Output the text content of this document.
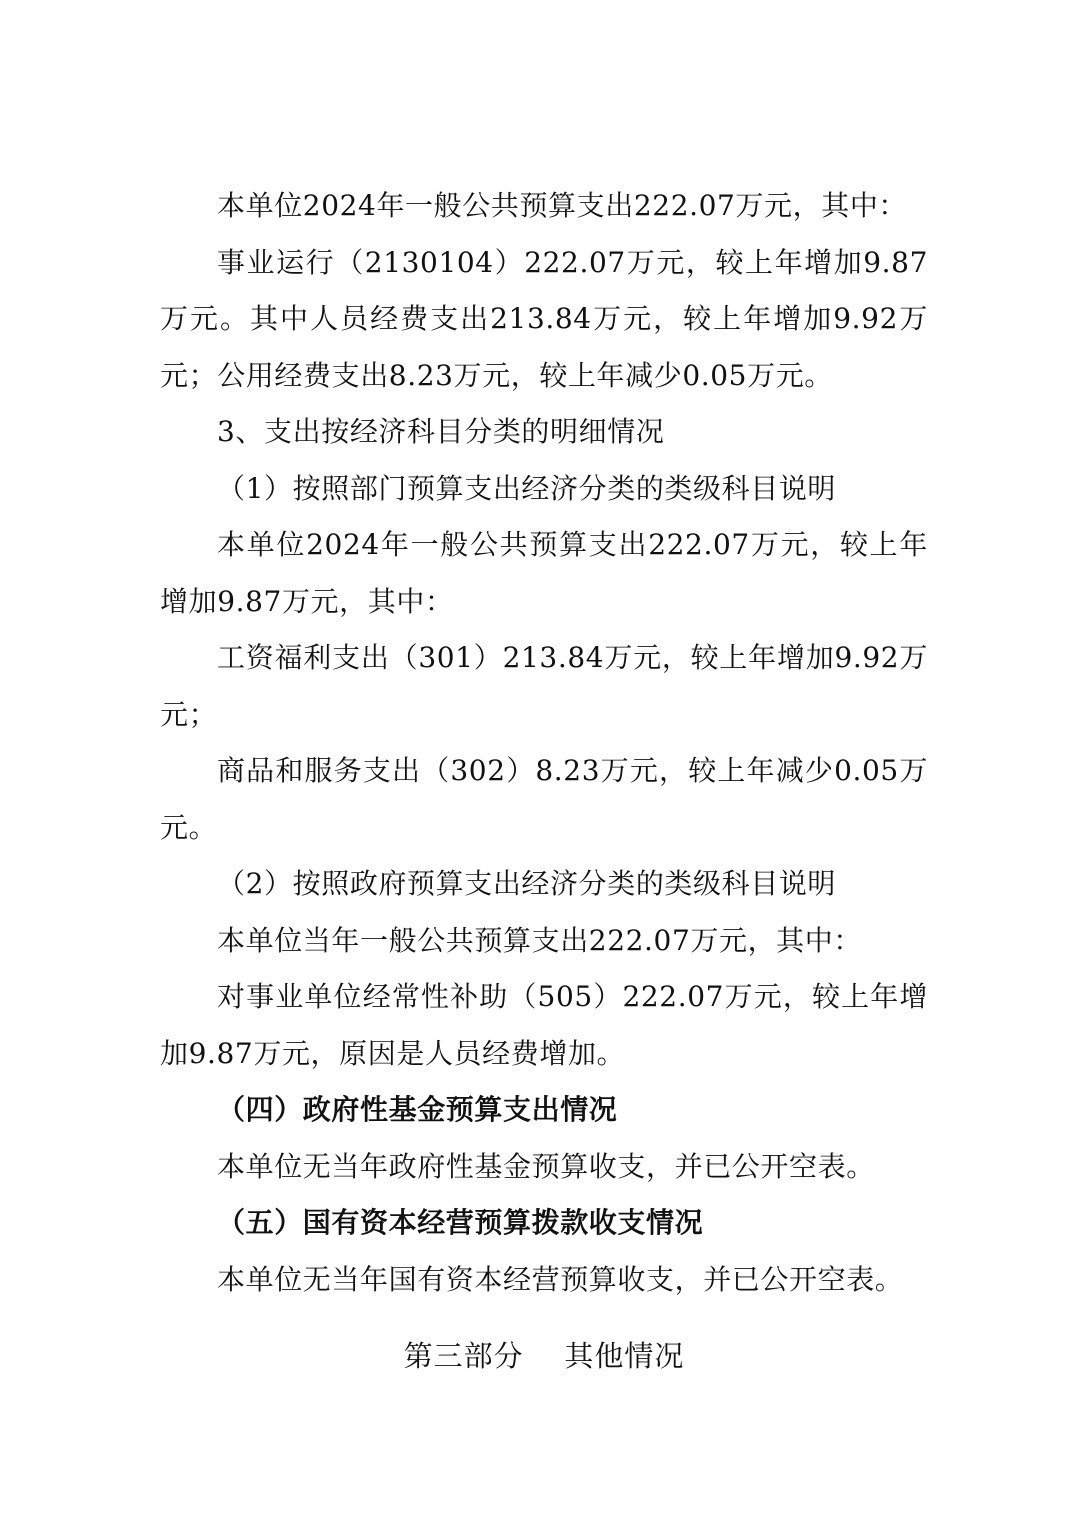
本单位2024年一般公共预算支出222.07万元，其中：

事业运行（2130104）222.07万元，较上年增加9.87万元。其中人员经费支出213.84万元，较上年增加9.92万元；公用经费支出8.23万元，较上年减少0.05万元。

3、支出按经济科目分类的明细情况

（1）按照部门预算支出经济分类的类级科目说明

本单位2024年一般公共预算支出222.07万元，较上年增加9.87万元，其中：

工资福利支出（301）213.84万元，较上年增加9.92万元；

商品和服务支出（302）8.23万元，较上年减少0.05万元。

（2）按照政府预算支出经济分类的类级科目说明

本单位当年一般公共预算支出222.07万元，其中：

对事业单位经常性补助（505）222.07万元，较上年增加9.87万元，原因是人员经费增加。

（四）政府性基金预算支出情况

本单位无当年政府性基金预算收支，并已公开空表。

（五）国有资本经营预算拨款收支情况

本单位无当年国有资本经营预算收支，并已公开空表。

第三部分    其他情况
